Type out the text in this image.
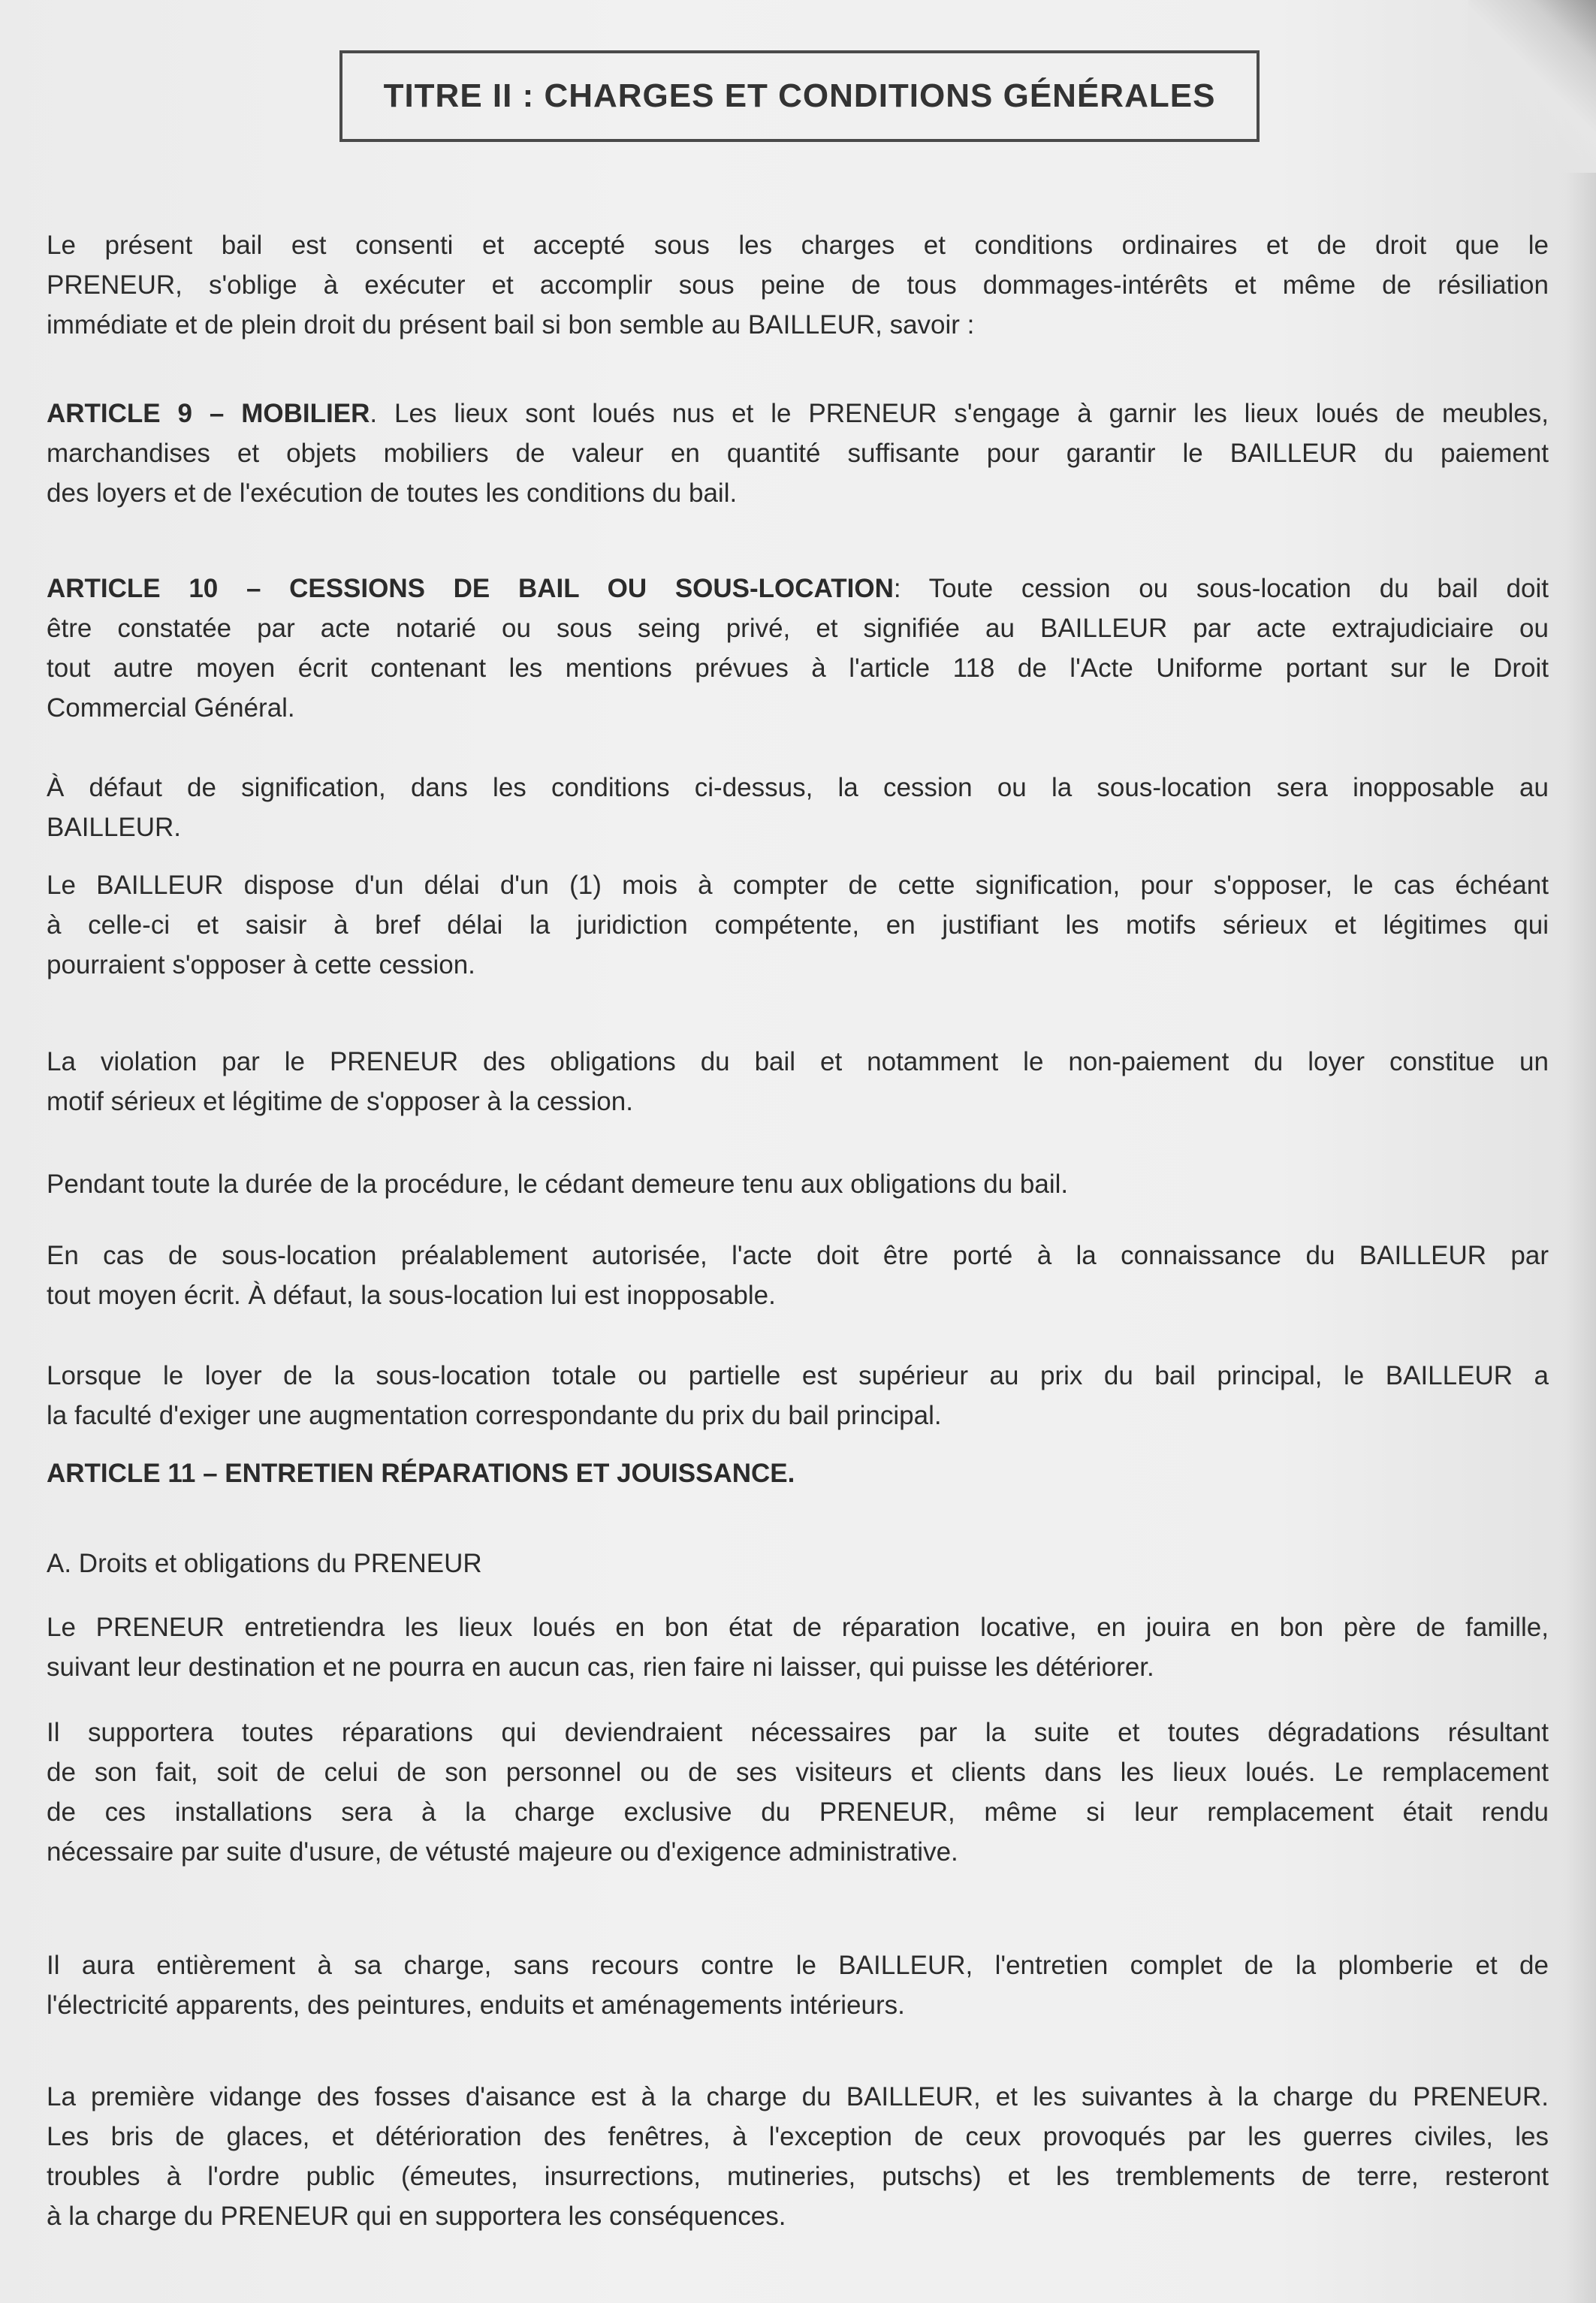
TITRE II : CHARGES ET CONDITIONS GÉNÉRALES
Le présent bail est consenti et accepté sous les charges et conditions ordinaires et de droit que le
PRENEUR, s'oblige à exécuter et accomplir sous peine de tous dommages-intérêts et même de résiliation
immédiate et de plein droit du présent bail si bon semble au BAILLEUR, savoir :
ARTICLE 9 – MOBILIER. Les lieux sont loués nus et le PRENEUR s'engage à garnir les lieux loués de meubles,
marchandises et objets mobiliers de valeur en quantité suffisante pour garantir le BAILLEUR du paiement
des loyers et de l'exécution de toutes les conditions du bail.
ARTICLE 10 – CESSIONS DE BAIL OU SOUS-LOCATION: Toute cession ou sous-location du bail doit
être constatée par acte notarié ou sous seing privé, et signifiée au BAILLEUR par acte extrajudiciaire ou
tout autre moyen écrit contenant les mentions prévues à l'article 118 de l'Acte Uniforme portant sur le Droit
Commercial Général.
À défaut de signification, dans les conditions ci-dessus, la cession ou la sous-location sera inopposable au
BAILLEUR.
Le BAILLEUR dispose d'un délai d'un (1) mois à compter de cette signification, pour s'opposer, le cas échéant
à celle-ci et saisir à bref délai la juridiction compétente, en justifiant les motifs sérieux et légitimes qui
pourraient s'opposer à cette cession.
La violation par le PRENEUR des obligations du bail et notamment le non-paiement du loyer constitue un
motif sérieux et légitime de s'opposer à la cession.
Pendant toute la durée de la procédure, le cédant demeure tenu aux obligations du bail.
En cas de sous-location préalablement autorisée, l'acte doit être porté à la connaissance du BAILLEUR par
tout moyen écrit. À défaut, la sous-location lui est inopposable.
Lorsque le loyer de la sous-location totale ou partielle est supérieur au prix du bail principal, le BAILLEUR a
la faculté d'exiger une augmentation correspondante du prix du bail principal.
ARTICLE 11 – ENTRETIEN RÉPARATIONS ET JOUISSANCE.
A. Droits et obligations du PRENEUR
Le PRENEUR entretiendra les lieux loués en bon état de réparation locative, en jouira en bon père de famille,
suivant leur destination et ne pourra en aucun cas, rien faire ni laisser, qui puisse les détériorer.
Il supportera toutes réparations qui deviendraient nécessaires par la suite et toutes dégradations résultant
de son fait, soit de celui de son personnel ou de ses visiteurs et clients dans les lieux loués. Le remplacement
de ces installations sera à la charge exclusive du PRENEUR, même si leur remplacement était rendu
nécessaire par suite d'usure, de vétusté majeure ou d'exigence administrative.
Il aura entièrement à sa charge, sans recours contre le BAILLEUR, l'entretien complet de la plomberie et de
l'électricité apparents, des peintures, enduits et aménagements intérieurs.
La première vidange des fosses d'aisance est à la charge du BAILLEUR, et les suivantes à la charge du PRENEUR.
Les bris de glaces, et détérioration des fenêtres, à l'exception de ceux provoqués par les guerres civiles, les
troubles à l'ordre public (émeutes, insurrections, mutineries, putschs) et les tremblements de terre, resteront
à la charge du PRENEUR qui en supportera les conséquences.
